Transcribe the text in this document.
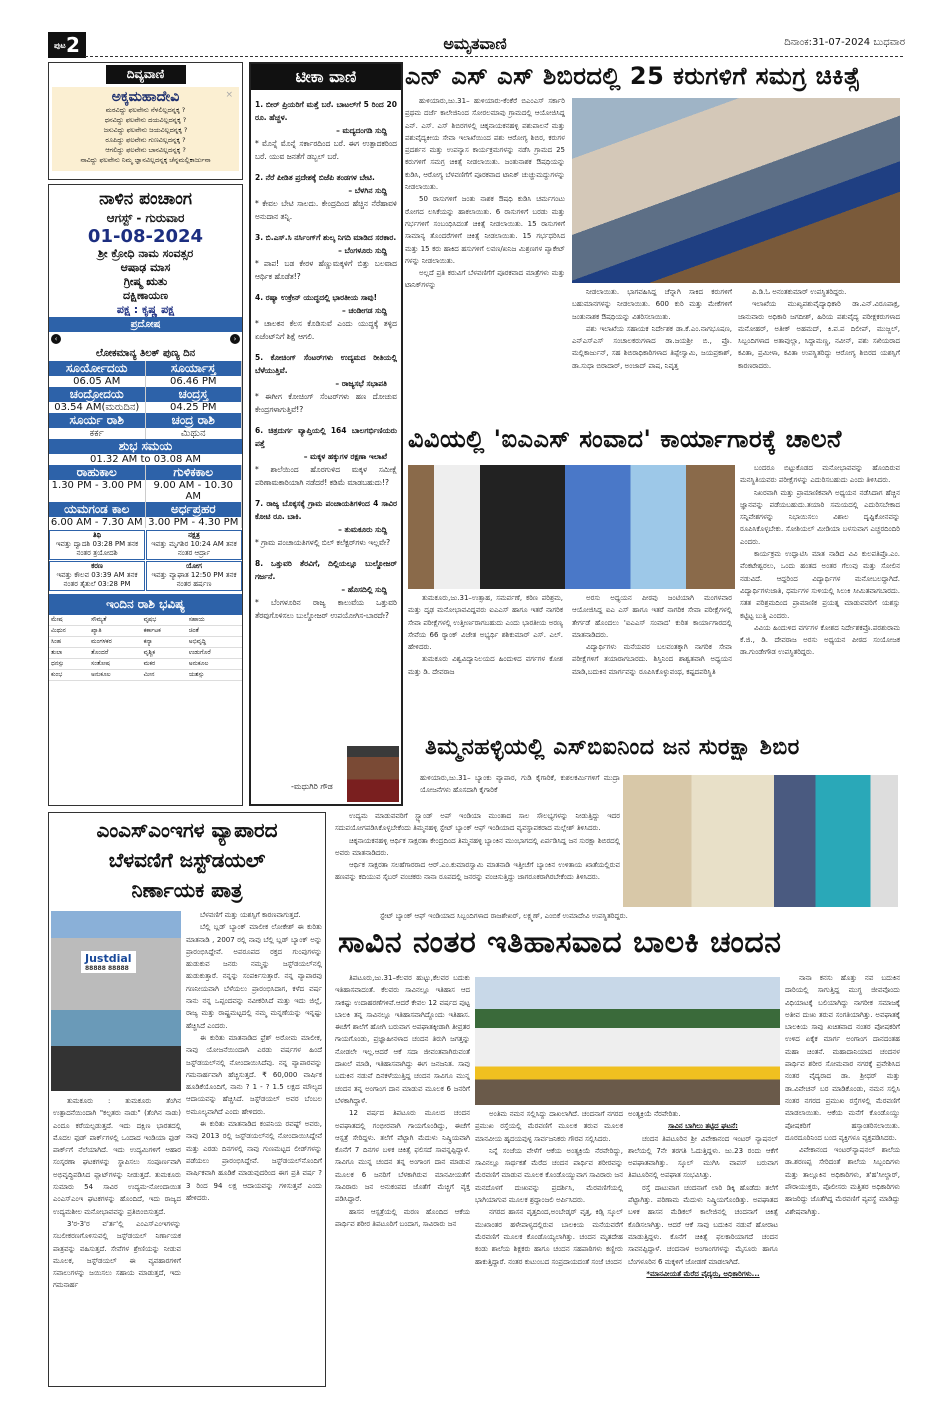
ಪುಟ 2	ಅಮೃತವಾಣಿ	ದಿನಾಂಕ:31-07-2024 ಬುಧವಾರ
ದಿವ್ಯವಾಣಿ
ಅಕ್ಕಮಹಾದೇವಿ	×
ಮರವಿದ್ದು ಫಲವೇನು ನೆಳಲಿಲ್ಲದನ್ನಕ್ಕ ?
ಧನವಿದ್ದು ಫಲವೇನು ದಯವಿಲ್ಲದನ್ನಕ್ಕ ?
ಜಸುವಿದ್ದು ಫಲವೇನು ಜಯವಿಲ್ಲದನ್ನಕ್ಕ ?
ರೂಪಿದ್ದು ಫಲವೇನು ಗುಣವಿಲ್ಲದನ್ನಕ್ಕ ?
ಆಗಲಿದ್ದು ಫಲವೇನು ಬಾನವಿಲ್ಲದನ್ನಕ್ಕ ?
ನಾವಿದ್ದು ಫಲವೇನು ನಿಮ್ಮ ಜ್ಞಾನವಿಲ್ಲದನ್ನಕ್ಕ ಚೆನ್ನಮಲ್ಲಿಕಾರ್ಜುನಾ
ನಾಳಿನ ಪಂಚಾಂಗ
ಆಗಸ್ಟ್ - ಗುರುವಾರ
01-08-2024
ಶ್ರೀ ಕ್ರೋಧಿ ನಾಮ ಸಂವತ್ಸರ
ಆಷಾಢ ಮಾಸ
ಗ್ರೀಷ್ಮ ಋತು
ದಕ್ಷಿಣಾಯಣ
ಪಕ್ಷ : ಕೃಷ್ಣ ಪಕ್ಷ
ಪ್ರದೋಷ
‹	›
ಲೋಕಮಾನ್ಯ ತಿಲಕ್ ಪುಣ್ಯ ದಿನ
ಸೂರ್ಯೋದಯ	ಸೂರ್ಯಾಸ್ತ
06.05 AM	06.46 PM
ಚಂದ್ರೋದಯ	ಚಂದ್ರಸ್ತ
03.54 AM(ಮರುದಿನ)	04.25 PM
ಸೂರ್ಯ ರಾಶಿ	ಚಂದ್ರ ರಾಶಿ
ಕರ್ಕ	ಮಿಥುನ
ಶುಭ ಸಮಯ
01.32 AM to 03.08 AM
ರಾಹುಕಾಲ	ಗುಳಿಕಕಾಲ
1.30 PM - 3.00 PM	9.00 AM - 10.30 AM
ಯಮಗಂಡ ಕಾಲ	ಅರ್ಧಪ್ರಹರ
6.00 AM - 7.30 AM 3.00 PM - 4.30 PM
ತಿಥಿ
ಇವತ್ತು ದ್ವಾದಶಿ 03:28 PM ತನಕ ನಂತರ ತ್ರಯೋದಶಿ
ನಕ್ಷತ್ರ
ಇವತ್ತು ಮೃಗಶಿರ 10:24 AM ತನಕ ನಂತರ ಆರ್ದ್ರಾ
ಕರಣ
ಇವತ್ತು ಕೌಲವ 03:39 AM ತನಕ ನಂತರ ತೈತುಲೆ 03:28 PM
ಯೋಗ
ಇವತ್ತು ವ್ಯಾಘಾತ 12:50 PM ತನಕ ನಂತರ ಹರ್ಷಣ
ಇಂದಿನ ರಾಶಿ ಭವಿಷ್ಯ
ಮೇಷ	ಸೌಮ್ಯತೆ	ವೃಷಭ	ಸಹಾಯ
ಮಿಥುನ	ಖ್ಯಾತಿ	ಕರ್ಕಾಟಕ	ಚಿಂತೆ
ಸಿಂಹ	ಮಂಗಳಕರ	ಕನ್ಯಾ	ಅಭಿವೃದ್ಧಿ
ತುಲಾ	ತೊಂದರೆ	ವೃಶ್ಚಿಕ	ಉಡುಗೊರೆ
ಧನಸ್ಸು	ಸಂತೋಷ	ಮಕರ	ಅನುಕೂಲ
ಕುಂಭ	ಅನುಕೂಲ	ಮೀನ	ಯಶಸ್ಸು
ಟೀಕಾ ವಾಣಿ
1. ಬೀರ್ ಪ್ರಿಯರಿಗೆ ಮತ್ತೆ ಬರೆ. ಬಾಟಲ್‌ಗೆ 5 ರಿಂದ 20 ರೂ. ಹೆಚ್ಚಳ.
– ಮದ್ಯದಂಗಡಿ ಸುದ್ದಿ
* ಮೊನ್ನೆ ಮೊನ್ನೆ ಸರ್ಕಾರದಿಂದ ಬರೆ. ಈಗ ಉತ್ಪಾದಕರಿಂದ ಬರೆ. ಯುವ ಜನತೆಗೆ ಡಬ್ಬಲ್ ಬರೆ.
2. ನೆರೆ ಪೀಡಿತ ಪ್ರದೇಶಕ್ಕೆ ಬಿಜೆಪಿ ತಂಡಗಳ ಬೇಟಿ.
– ಬೆಳಗಿನ ಸುದ್ದಿ
* ಕೇವಲ ಬೇಟಿ ಸಾಲದು. ಕೇಂದ್ರದಿಂದ ಹೆಚ್ಚಿನ ನೆರೆಹಾವಳಿ ಅನುದಾನ ತನ್ನಿ.
3. ಬಿ.ಎಸ್.ಸಿ ನರ್ಸಿಂಗ್‌ಗೆ ಶುಲ್ಕ ನಿಗದಿ ಮಾಡಿದ ಸರಕಾರ.
– ಬೆಂಗಳೂರು ಸುದ್ದಿ
* ಪಾಪ! ಬಡ ಕೇರಳ ಹೆಣ್ಣುಮಕ್ಕಳಿಗೆ ಬಿತ್ತು ಬಲವಾದ ಆರ್ಥಿಕ ಹೊಡೆತ!?
4. ರಷ್ಯಾ ಉಕ್ರೇನ್ ಯುದ್ಧದಲ್ಲಿ ಭಾರತೀಯ ಸಾವು!
– ಚಂಡೀಗಡ ಸುದ್ದಿ
* ಚಾಲಕನ ಕೆಲಸ ಕೊಡಿಸುವೆ ಎಂದು ಯುದ್ಧಕ್ಕೆ ತಳ್ಳಿದ ಏಜೆಂಟ್‌ನಿಗೆ ಶಿಕ್ಷೆ ಆಗಲಿ.
5. ಕೋಚಿಂಗ್ ಸೆಂಟರ್‌ಗಳು ಉದ್ಯಮದ ರೀತಿಯಲ್ಲಿ ಬೆಳೆಯುತ್ತಿವೆ.
– ರಾಜ್ಯಸಭೆ ಸಭಾಪತಿ
* ಈಗೀಗ ಕೋಚಿಂಗ್ ಸೆಂಟರ್‌ಗಳು ಹಣ ದೋಚುವ ಕೇಂದ್ರಗಳಾಗುತ್ತಿವೆ!?
6. ಚಿತ್ರದುರ್ಗ ವ್ಯಾಪ್ತಿಯಲ್ಲಿ 164 ಬಾಲಗರ್ಭಿಣಿಯರು ಪತ್ತೆ
– ಮಕ್ಕಳ ಹಕ್ಕುಗಳ ರಕ್ಷಣಾ ಇಲಾಖೆ
* ಶಾಲೆಯಿಂದ ಹೊರಗುಳಿದ ಮಕ್ಕಳ ಸಮೀಕ್ಷೆ ಪರಿಣಾಮಕಾರಿಯಾಗಿ ನಡೆದರೆ! ಕಡಿಮೆ ಮಾಡಬಹುದು!?
7. ರಾಜ್ಯ ಬೊಕ್ಕಸಕ್ಕೆ ಗ್ರಾಮ ಪಂಚಾಯತಿಗಳಿಂದ 4 ಸಾವಿರ ಕೋಟಿ ರೂ. ಬಾಕಿ.
– ತುಮಕೂರು ಸುದ್ದಿ
* ಗ್ರಾಮ ಪಂಚಾಯತಿಗಳಲ್ಲಿ ಬಿಲ್ ಕಲೆಕ್ಟರ್‌ಗಳು ಇಲ್ಲವೇ?
8. ಒತ್ತುವರಿ ತೆರವಿಗೆ, ದಿಲ್ಲಿಯಲ್ಲೂ ಬುಲ್ಡೋಜರ್ ಗರ್ಜನೆ.
– ಹೊಸದಿಲ್ಲಿ ಸುದ್ದಿ
* ಬೆಂಗಳೂರಿನ ರಾಜ್ಯ ಕಾಲುವೆಯ ಒತ್ತುವರಿ ತೆರವುಗೊಳಿಸಲು ಬುಲ್ಡೋಜರ್ ಉಪಯೋಗಿಸ-ಬಾರದೇ?
-ಮಧುಗಿರಿ ಗೌಡ
ಎನ್ ಎಸ್ ಎಸ್ ಶಿಬಿರದಲ್ಲಿ 25 ಕರುಗಳಿಗೆ ಸಮಗ್ರ ಚಿಕಿತ್ಸೆ

ಹುಳಿಯಾರು,ಜು.31– ಹುಳಿಯಾರು-ಕೆಂಕೆರೆ ಬಿಎಂಎಸ್ ಸರ್ಕಾರಿ ಪ್ರಥಮ ದರ್ಜೆ ಕಾಲೇಜಿನಿಂದ ಸೋರಲಮಾವು ಗ್ರಾಮದಲ್ಲಿ ಆಯೋಜಿಸಿದ್ದ ಎನ್. ಎಸ್. ಎಸ್ ಶಿಬಿರಗಳಲ್ಲಿ ಚಿಕ್ಕನಾಯಕನಹಳ್ಳಿ ಪಶುಪಾಲನೆ ಮತ್ತು ಪಶುವೈದ್ಯಕೀಯ ಸೇವಾ ಇಲಾಖೆಯಿಂದ ಪಶು ಆರೋಗ್ಯ ಶಿಬಿರ, ಕರುಗಳ ಪ್ರದರ್ಶನ ಮತ್ತು ಉಪನ್ಯಾಸ ಕಾರ್ಯಕ್ರಮಗಳನ್ನು ನಡೆಸಿ ಗ್ರಾಮದ 25 ಕರುಗಳಿಗೆ ಸಮಗ್ರ ಚಿಕಿತ್ಸೆ ನೀಡಲಾಯಿತು. ಜಂತುನಾಶಕ ಔಷಧಿಯನ್ನು ಕುಡಿಸಿ, ಆರೋಗ್ಯ ಬೆಳವಣಿಗೆಗೆ ಪೂರಕವಾದ ಟಾನಿಕ್ ಚುಚ್ಚುಮದ್ದುಗಳನ್ನು ನೀಡಲಾಯಿತು.

50 ರಾಸುಗಳಿಗೆ ಜಂತು ನಾಶಕ ಔಷಧಿ ಕುಡಿಸಿ ಚರ್ಮಗಂಟು ರೋಗದ ಲಸಿಕೆಯನ್ನು ಹಾಕಲಾಯಿತು. 6 ರಾಸುಗಳಿಗೆ ಬರಡು ಮತ್ತು ಗರ್ಭಗಳಿಗೆ ಸಂಬಂಧಿಸಿದಂತೆ ಚಿಕಿತ್ಸೆ ನೀಡಲಾಯಿತು. 15 ರಾಸುಗಳಿಗೆ ಸಾಮಾನ್ಯ ತೊಂದರೆಗಳಿಗೆ ಚಿಕಿತ್ಸೆ ನೀಡಲಾಯಿತು. 15 ಗರ್ಭಧರಿಸಿದ ಮತ್ತು 15 ಕರು ಹಾಕಿದ ಹಸುಗಳಿಗೆ ಲವಣ/ಖನಿಜ ಮಿಶ್ರಣಗಳ ಪ್ಯಾಕೇಟ್ ಗಳನ್ನು ನೀಡಲಾಯಿತು.

ಅಲ್ಲದೆ ಪ್ರತಿ ಕರುವಿಗೆ ಬೆಳವಣಿಗೆಗೆ ಪೂರಕವಾದ ಮಾತ್ರೆಗಳು ಮತ್ತು ಟಾನಿಕ್‌ಗಳನ್ನು

ನೀಡಲಾಯಿತು. ಭಾಗವಹಿಸಿದ್ದ ಚೆನ್ನಾಗಿ ಸಾಕಿದ ಕರುಗಳಿಗೆ ಬಹುಮಾನಗಳನ್ನು ನೀಡಲಾಯಿತು. 600 ಕುರಿ ಮತ್ತು ಮೇಕೆಗಳಿಗೆ ಜಂತುನಾಶಕ ಔಷಧಿಯನ್ನು ವಿತರಿಸಲಾಯಿತು.

ಪಶು ಇಲಾಖೆಯ ಸಹಾಯಕ ನಿರ್ದೇಶಕ ಡಾ.ಕೆ.ಎಂ.ನಾಗಭೂಷಣ, ಎನ್‌ಎಸ್‌ಎಸ್ ಸಂಚಾಲಕರುಗಳಾದ ಡಾ.ಜಯಶ್ರೀ ಬಿ., ಪ್ರೊ. ಮಲ್ಲಿಕಾರ್ಜುನ್, ಸಹ ಶಿಬಿರಾಧಿಕಾರಿಗಳಾದ ತಿಪ್ಪೇಸ್ವಾಮಿ, ಜಯಪ್ರಕಾಶ್, ಡಾ.ಸುಧಾ ಬಿರಾದಾರ್, ಅಂಜಾದ್ ಪಾಷ, ನಿವೃತ್ತ

ಪಿ.ಡಿ.ಓ ಅನಂತಕುಮಾರ್ ಉಪಸ್ಥಿತರಿದ್ದರು.

ಇಲಾಖೆಯ ಮುಖ್ಯಪಶುವೈದ್ಯಾಧಿಕಾರಿ ಡಾ.ಎನ್.ವಿರೂಪಾಕ್ಷ, ಜಾನುವಾರು ಅಧಿಕಾರಿ ಜಗದೀಶ್, ಹಿರಿಯ ಪಶುವೈದ್ಯ ಪರೀಕ್ಷಕರುಗಳಾದ ಮನೋಹರ್, ಅತೀಕ್ ಅಹಮದ್, ಕಿ.ಪ.ಪ ದಿಲೀಪ್, ಮುಜ್ಜಲ್, ಸಿಬ್ಬಂದಿಗಳಾದ ಅತಾವುಲ್ಲಾ, ಸಿದ್ದಾಮಣ್ಣ, ನವೀನ್, ಪಶು ಸಖಿಯರಾದ ಕವಿತಾ, ಪ್ರಮೀಳಾ, ಕವಿತಾ ಉಪಸ್ಥಿತರಿದ್ದು ಆರೋಗ್ಯ ಶಿಬಿರದ ಯಶಸ್ಸಿಗೆ ಕಾರಣರಾದರು.

ವಿವಿಯಲ್ಲಿ 'ಐಎಎಸ್ ಸಂವಾದ' ಕಾರ್ಯಾಗಾರಕ್ಕೆ ಚಾಲನೆ

ತುಮಕೂರು,ಜು.31–ಉತ್ಸಾಹ, ಸಮರ್ಪಣೆ, ಕಠಿಣ ಪರಿಶ್ರಮ, ಮತ್ತು ದೃಢ ಮನೋಭಾವವಿದ್ದವರು ಐಎಎಸ್ ಹಾಗೂ ಇತರೆ ನಾಗರಿಕ ಸೇವಾ ಪರೀಕ್ಷೆಗಳಲ್ಲಿ ಉತ್ತೀರ್ಣರಾಗಬಹುದು ಎಂದು ಭಾರತೀಯ ಅರಣ್ಯ ಸೇವೆಯ 66 ರ‍್ಯಾಂಕ್ ವಿಜೇತ ಅಭ್ಯರ್ಥಿ ಶಶಿಕುಮಾರ್ ಎಸ್. ಎಲ್. ಹೇಳಿದರು.

ತುಮಕೂರು ವಿಶ್ವವಿದ್ಯಾನಿಲಯದ ಹಿಂದುಳಿದ ವರ್ಗಗಳ ಕೋಶ ಮತ್ತು ಡಿ. ದೇವರಾಜ

ಅರಸು ಅಧ್ಯಯನ ಪೀಠವು ಜಂಟಿಯಾಗಿ ಮಂಗಳವಾರ ಆಯೋಜಿಸಿದ್ದ ಐಎ ಎಸ್ ಹಾಗೂ ಇತರೆ ನಾಗರಿಕ ಸೇವಾ ಪರೀಕ್ಷೆಗಳಲ್ಲಿ ತೇರ್ಗಡೆ ಹೊಂದಲು 'ಐಎಎಸ್ ಸಂವಾದ' ಕುರಿತ ಕಾರ್ಯಾಗಾರದಲ್ಲಿ ಮಾತನಾಡಿದರು.

ವಿದ್ಯಾರ್ಥಿಗಳು ಮನೆಯವರ ಬಲವಂತಕ್ಕಾಗಿ ನಾಗರಿಕ ಸೇವಾ ಪರೀಕ್ಷೆಗಳಿಗೆ ತಯಾರಾಗಬಾರದು. ಶಿಸ್ತಿನಿಂದ ಶಾಶ್ವತವಾಗಿ ಅಧ್ಯಯನ ಮಾಡಿ,ಬದುಕಿನ ಮಾರ್ಗವನ್ನು ರೂಪಿಸಿಕೊಳ್ಳುವಂಥ, ಕಷ್ಟದಪರಿಸ್ಥಿತಿ

ಬಂದರೂ ಬಿಟ್ಟುಕೊಡದ ಮನೋಭಾವವನ್ನು ಹೊಂದಿರುವ ಮನಸ್ಥಿತಿಯವರು ಪರೀಕ್ಷೆಗಳನ್ನು ಎದುರಿಸಬಹುದು ಎಂದು ತಿಳಿಸಿದರು.

ನಿಖರವಾಗಿ ಮತ್ತು ಪ್ರಾಮಾಣಿಕವಾಗಿ ಅಧ್ಯಯನ ನಡೆಸಿದಾಗ ಹೆಚ್ಚಿನ ಜ್ಞಾನವನ್ನು ಪಡೆಯಬಹುದು.ತಯಾರಿ ಸಮಯದಲ್ಲಿ ಎದುರಿಸಬೇಕಾದ ಸನ್ನಿವೇಶಗಳನ್ನು ನಿಭಾಯಿಸಲು ವಿಶಾಲ ದೃಷ್ಟಿಕೋನವನ್ನು ರೂಪಿಸಿಕೊಳ್ಳಬೇಕು. ಸೋಶಿಯಲ್ ಮೀಡಿಯಾ ಬಳಸುವಾಗ ಎಚ್ಚರದಿಂದಿರಿ ಎಂದರು.

ಕಾರ್ಯಕ್ರಮ ಉದ್ಘಾಟಿಸಿ ಮಾತ ನಾಡಿದ ವಿವಿ ಕುಲಪತಿಪ್ರೊ.ಎಂ. ವೆಂಕಟೇಶ್ವರಲು, ಒಂದು ಹಂತದ ಅಂತರ ಗೆಲುವು ಮತ್ತು ಸೋಲಿನ ನಡುವಿದೆ. ಆದ್ದರಿಂದ ವಿದ್ಯಾರ್ಥಿಗಳ ಮನೋಬಲದ್ದಾಗಿದೆ. ವಿದ್ಯಾರ್ಥಿಗಳುಜಾತಿ, ಧರ್ಮಗಳ ಸುಳಿಯಲ್ಲಿ ಸಿಲುಕಿ ಸೀಮಿತವಾಗಬಾರದು. ಸತತ ಪರಿಶ್ರಮದಿಂದ ಪ್ರಾಮಾಣಿಕ ಪ್ರಯತ್ನ ಮಾಡುವವರಿಗೆ ಯಶಸ್ಸು ಕಟ್ಟಿಟ್ಟ ಬುತ್ತಿ ಎಂದರು.

ವಿವಿಯ ಹಿಂದುಳಿದ ವರ್ಗಗಳ ಕೋಶದ ನಿರ್ದೇಶಕಪ್ರೊ.ಪರಶುರಾಮ ಕೆ.ಜಿ., ಡಿ. ದೇವರಾಜ ಅರಸು ಅಧ್ಯಯನ ಪೀಠದ ಸಂಯೋಜಕ ಡಾ.ಗುಂಡೇಗೌಡ ಉಪಸ್ಥಿತರಿದ್ದರು.

ತಿಮ್ಮನಹಳ್ಳಿಯಲ್ಲಿ ಎಸ್‌ಬಿಐನಿಂದ ಜನ ಸುರಕ್ಷಾ ಶಿಬಿರ
ಹುಳಿಯಾರು,ಜು.31– ಬ್ಯಾಂಕು ವ್ಯಾಪಾರ, ಗುಡಿ ಕೈಗಾರಿಕೆ, ಕುಶಲಕರ್ಮಿಗಳಿಗೆ ಮುದ್ರಾ ಯೋಜನೆಗಳು ಹೊಸದಾಗಿ ಕೈಗಾರಿಕೆ

ಉದ್ಯಮ ಮಾಡುವವರಿಗೆ ಸ್ಟ್ಯಾಂಡ್ ಅಪ್ ಇಂಡಿಯಾ ಮುಂತಾದ ಸಾಲ ಸೌಲಭ್ಯಗಳನ್ನು ನೀಡುತ್ತಿದ್ದು ಇದರ ಸದುಪಯೋಗಪಡಿಸಿಕೊಳ್ಳಬೇಕೆಂದು ತಿಮ್ಮನಹಳ್ಳಿ ಸ್ಟೇಟ್ ಬ್ಯಾಂಕ್ ಆಫ್ ಇಂಡಿಯಾದ ವ್ಯವಸ್ಥಾಪಕರಾದ ಮಲ್ಲೇಶ್ ತಿಳಿಸಿದರು.

ಚಿಕ್ಕನಾಯಕನಹಳ್ಳಿ ಆರ್ಥಿಕ ಸಾಕ್ಷರತಾ ಕೇಂದ್ರದಿಂದ ತಿಮ್ಮನಹಳ್ಳಿ ಬ್ಯಾಂಕಿನ ಮುಂಭಾಗದಲ್ಲಿ ಏರ್ಪಡಿಸಿದ್ದ ಜನ ಸುರಕ್ಷಾ ಶಿಬಿರದಲ್ಲಿ ಅವರು ಮಾತನಾಡಿದರು.

ಆರ್ಥಿಕ ಸಾಕ್ಷರತಾ ಸಲಹೆಗಾರರಾದ ಆರ್.ಎಂ.ಕುಮಾರಸ್ವಾಮಿ ಮಾತನಾಡಿ ಇತ್ತೀಚೆಗೆ ಬ್ಯಾಂಕಿನ ಉಳಿತಾಯ ಖಾತೆಯಲ್ಲಿರುವ ಹಣವನ್ನು ಕದಿಯುವ ಸೈಬರ್ ವಂಚಕರು ನಾನಾ ರೂಪದಲ್ಲಿ ಜನರನ್ನು ವಂಚಿಸುತ್ತಿದ್ದು ಜಾಗರೂಕರಾಗಿರಬೇಕೆಂದು ತಿಳಿಸಿದರು.

ಸ್ಟೇಟ್ ಬ್ಯಾಂಕ್ ಆಫ್ ಇಂಡಿಯಾದ ಸಿಬ್ಬಂದಿಗಳಾದ ರಾಜಶೇಖರ್, ಲಕ್ಷ್ಮಣ್, ಎಂಬಿಕೆ ಉಮಾದೇವಿ ಉಪಸ್ಥಿತರಿದ್ದರು.
ಸಾವಿನ ನಂತರ ಇತಿಹಾಸವಾದ ಬಾಲಕಿ ಚಂದನ

ತಿಪಟೂರು,ಜು.31–ಕೆಲವರ ಹುಟ್ಟು,ಕೆಲವರ ಬದುಕು ಇತಿಹಾಸವಾದಂತೆ. ಕೆಲವರು ಸಾವಿನಲ್ಲೂ ಇತಿಹಾಸ ಆದ ಸಾಕಷ್ಟು ಉದಾಹರಣೆಗಳಿವೆ.ಆದರೆ ಕೇವಲ 12 ವರ್ಷದ ಪುಟ್ಟ ಬಾಲಕಿ ತನ್ನ ಸಾವಿನಲ್ಲೂ ಇತಿಹಾಸವಾಗಿದ್ದೊಂದು ಇತಿಹಾಸ. ಈಚೆಗೆ ಶಾಲೆಗೆ ಹೋಗಿ ಬರುವಾಗ ಅಪಘಾತಕ್ಕೀಡಾಗಿ ತೀವ್ರತರ ಗಾಯಗೊಂಡು, ಪ್ರಜ್ಞಾಹೀನಳಾದ ಚಂದನ ತಿರುಗಿ ಜಗತ್ತನ್ನು ನೋಡಲೇ ಇಲ್ಲ.ಆದರೆ ಆಕೆ ಸದಾ ಜೀವಂತವಾಗಿರುವಂತೆ ದಾಖಲೆ ಮಾಡಿ, ಇತಿಹಾಸವಾಗಿದ್ದು ಈಗ ಜನಜನಿತ. ಸಾವು ಬದುಕಿನ ನಡುವೆ ದಿನಕಳೆಯುತ್ತಿದ್ದ ಚಂದನ ಸಾವಿಗೂ ಮುನ್ನ ಚಂದನ ತನ್ನ ಅಂಗಾಂಗ ದಾನ ಮಾಡುವ ಮೂಲಕ 6 ಜನರಿಗೆ ಬೆಳಕಾಗಿದ್ದಾಳೆ.

12 ವರ್ಷದ ತಿಪಟೂರು ಮೂಲದ ಚಂದನ ಅಪಘಾತದಲ್ಲಿ ಗಂಭೀರವಾಗಿ ಗಾಯಗೊಂಡಿದ್ದು, ಈಚೆಗೆ ಆಸ್ಪತ್ರೆ ಸೇರಿದ್ದಳು. ತಲೆಗೆ ಪೆಟ್ಟಾಗಿ ಮೆದುಳು ನಿಷ್ಕ್ರಿಯವಾಗಿ ಕೊನೆಗೆ 7 ದಿನಗಳ ಬಳಿಕ ಚಿಕಿತ್ಸೆ ಫಲಿಸದೆ ಸಾವನ್ನಪ್ಪಿದ್ದಾಳೆ. ಸಾವಿಗೂ ಮುನ್ನ ಚಂದನ ತನ್ನ ಅಂಗಾಂಗ ದಾನ ಮಾಡುವ ಮೂಲಕ 6 ಜನರಿಗೆ ಬೆಳಕಾಗಿರುವ ಮಾನವೀಯತೆಗೆ ಸಾವಿರಾರು ಜನ ಅನುಕಂಪದ ಜೊತೆಗೆ ಮೆಚ್ಚಿಗೆ ವ್ಯಕ್ತ ಪಡಿಸಿದ್ದಾರೆ.

ಹಾಸನ ಆಸ್ಪತ್ರೆಯಲ್ಲಿ ಮರಣ ಹೊಂದಿದ ಆಕೆಯ ಪಾರ್ಥಿವ ಶರೀರ ತಿಪಟೂರಿಗೆ ಬಂದಾಗ, ಸಾವಿರಾರು ಜನ

ಅಂತಿಮ ನಮನ ಸಲ್ಲಿಸಿದ್ದು ದಾಖಲಾಗಿದೆ. ಚಂದನಾಗೆ ನಗರದ ಪ್ರಮುಖ ರಸ್ತೆಯಲ್ಲಿ ಮೆರವಣಿಗೆ ಮೂಲಕ ತರುವ ಮೂಲಕ ಮಾನವೀಯ ಹೃದಯವುಳ್ಳ ಸಾರ್ವಜನಿಕರು ಗೌರವ ಸಲ್ಲಿಸಿದರು.

ನಿನ್ನೆ ಸಂಜೆಯ ವೇಳೆಗೆ ಆಕೆಯ ಅಂತ್ಯಕ್ರಿಯೆ ನೆರವೇರಿದ್ದು, ಸಾವಿನಲ್ಲೂ ಸಾರ್ಥಕತೆ ಮೆರೆದ ಚಂದನ ಪಾರ್ಥಿವ ಶರೀರವನ್ನು ಮೆರವಣಿಗೆ ಮಾಡುವ ಮೂಲಕ ಕೊಂಡೊಯ್ಯುವಾಗ ಸಾವಿರಾರು ಜನ ಮನದೊಳಗೆ ದುಃಖವನ್ನು ಪ್ರದರ್ಶಿಸಿ, ಮೆರವಣಿಗೆಯಲ್ಲಿ ಭಾಗಿಯಾಗುವ ಮೂಲಕ ಶ್ರದ್ಧಾಂಜಲಿ ಅರ್ಪಿಸಿದರು.

ನಗರದ ಹಾಸನ ವೃತ್ತದಿಂದ,ಅಂಬೇಡ್ಕರ್ ವೃತ್ತ, ಕಿಡ್ಸಿ ಸ್ಕೂಲ್ ಮುಖಾಂತರ ಹಳೇಪಾಳ್ಯದಲ್ಲಿರುವ ಬಾಲಕಿಯ ಮನೆಯವರೆಗೆ ಮೆರವಣಿಗೆ ಮೂಲಕ ಕೊಂಡೊಯ್ಯಲಾಗಿತ್ತು. ಚಂದನ ಮೃತದೇಹ ಕಂಡು ಶಾಲೆಯ ಶಿಕ್ಷಕರು ಹಾಗೂ ಚಂದನ ಸಹಪಾಠಿಗಳು ಕಣ್ಣೀರು ಹಾಕುತ್ತಿದ್ದಾರೆ. ನಂತರ ಕುಟುಂಬದ ಸಂಪ್ರದಾಯದಂತೆ ಸಂಜೆ ಚಂದನ

ಅಂತ್ಯಕ್ರಿಯೆ ನೆರವೇರಿತು.
ಸಾವಿನ ಬಾಗಿಲು ತಟ್ಟಿದ ಘಟನೆ:

ಚಂದನ ತಿಪಟೂರಿನ ಶ್ರೀ ವಿವೇಕಾನಂದ ಇಂಟರ್ ನ್ಯಾಷನಲ್ ಶಾಲೆಯಲ್ಲಿ 7ನೇ ತರಗತಿ ಓದುತ್ತಿದ್ದಳು. ಜು.23 ರಂದು ಆಕೆಗೆ ಅಪಘಾತವಾಗಿತ್ತು. ಸ್ಕೂಲ್ ಮುಗಿಸಿ ವಾಪಸ್ ಬರುವಾಗ ತಿಪಟೂರಿನಲ್ಲಿ ಅಪಘಾತ ಸಂಭವಿಸಿತ್ತು.

ರಸ್ತೆ ದಾಟುವಾಗ ಚಂದನಾಗೆ ಲಾರಿ ಡಿಕ್ಕಿ ಹೊಡೆದು ತಲೆಗೆ ಪೆಟ್ಟಾಗಿತ್ತು. ಪರಿಣಾಮ ಮೆದುಳು ನಿಷ್ಕ್ರಿಯಗೊಂಡಿತ್ತು. ಅಪಘಾತದ ಬಳಿಕ ಹಾಸನ ಮೆಡಿಕಲ್ ಕಾಲೇಜಿನಲ್ಲಿ ಚಂದನಾಗೆ ಚಿಕಿತ್ಸೆ ಕೊಡಿಸಲಾಗಿತ್ತು. ಆದರೆ ಆಕೆ ಸಾವು ಬದುಕಿನ ನಡುವೆ ಹೋರಾಟ ಮಾಡುತ್ತಿದ್ದಳು. ಕೊನೆಗೆ ಚಿಕಿತ್ಸೆ ಫಲಕಾರಿಯಾಗದೆ ಚಂದನ ಸಾವನಪ್ಪಿದ್ದಾಳೆ. ಚಂದನಾಳ ಅಂಗಾಂಗಗಳನ್ನು ಮೈಸೂರು ಹಾಗೂ ಬೆಂಗಳೂರಿನ 6 ಮಕ್ಕಳಿಗೆ ಜೋಡಣೆ ಮಾಡಲಾಗಿದೆ.

*ಮಾನವೀಯತೆ ಮೆರೆದ ವೈದ್ಯರು, ಅಧಿಕಾರಿಗಳು...

ನಾನಾ ಕನಸು ಹೊತ್ತು ನವ ಬದುಕಿನ ದಾರಿಯಲ್ಲಿ ಸಾಗುತ್ತಿದ್ದ ಮುಗ್ಧ ಜೀವವೊಂದು ವಿಧಿಯಾಟಕ್ಕೆ ಬಲಿಯಾಗಿದ್ದು ನಾಗರೀಕ ಸಮಾಜಕ್ಕೆ ಅತೀವ ದುಃಖ ತರುವ ಸಂಗತಿಯಾಗಿತ್ತು. ಅವಘಾತಕ್ಕೆ ಬಾಲಕಿಯ ಸಾವು ಖಚಿತವಾದ ನಂತರ ಪೋಷಕರಿಗೆ ಉಳಿದ ಏಕೈಕ ಮಾರ್ಗ ಅಂಗಾಂಗ ದಾನದಂತಹ ಮಹಾ ಚಿಂತನೆ. ಮಹಾದಾನಿಯಾದ ಚಂದನಳ ಪಾರ್ಥಿವ ಶರೀರ ಸೋಮವಾರ ನಗರಕ್ಕೆ ಪ್ರವೇಶಿಸಿದ ನಂತರ ವೈದ್ಯರಾದ ಡಾ. ಶ್ರೀಧರ್ ಮತ್ತು ಡಾ.ವಿವೇಚನ್ ಬರ ಮಾಡಿಕೊಂಡು, ನಮನ ಸಲ್ಲಿಸಿ ನಂತರ ನಗರದ ಪ್ರಮುಖ ರಸ್ತೆಗಳಲ್ಲಿ ಮೆರವಣಿಗೆ ಮಾಡಲಾಯಿತು. ಆಕೆಯ ಮನೆಗೆ ಕೊಂಡೊಯ್ದು ಪೋಷಕರಿಗೆ ಹಸ್ತಾಂತರಿಸಲಾಯಿತು. ದೂರದೂರಿನಿಂದ ಬಂದ ವ್ಯಕ್ತಿಗಳೂ ವ್ಯಕ್ತಪಡಿಸಿದರು.

ವಿವೇಕಾನಂದ ಇಂಟರ್‌ನ್ಯಾಷನಲ್ ಶಾಲೆಯ ಡಾ.ಶರಣಪ್ಪ ಸೇರಿದಂತೆ ಶಾಲೆಯ ಸಿಬ್ಬಂದಿಗಳು ಮತ್ತು ತಾಲ್ಲೂಕಿನ ಅಧಿಕಾರಿಗಳು, ತ'ಹ'ಸೀಲ್ದಾರ್, ಪೌರಾಯುಕ್ತರು, ಪೊಲೀಸರು ಮತ್ತಿತರ ಅಧಿಕಾರಿಗಳು ಹಾಜರಿದ್ದು ಜೊತೆಗಿದ್ದ ಮೆರವಣಿಗೆ ವ್ಯವಸ್ಥೆ ಮಾಡಿದ್ದು ವಿಶೇಷವಾಗಿತ್ತು.

ಎಂಎಸ್‌ಎಂಇಗಳ ವ್ಯಾಪಾರದ ಬೆಳವಣಿಗೆ ಜಸ್ಟ್‌ಡಯಲ್ ನಿರ್ಣಾಯಕ ಪಾತ್ರ
Justdial
88888 88888

ಬೆಳವಣಿಗೆ ಮತ್ತು ಯಶಸ್ಸಿಗೆ ಕಾರಣವಾಗುತ್ತದೆ.

ಬೆಲ್ಲಿ ಬ್ಲಡ್ ಬ್ಯಾಂಕ್ ಮಾಲೀಕ ಲೋಕೇಶ್ ಈ ಕುರಿತು ಮಾತನಾಡಿ , 2007 ರಲ್ಲಿ ನಾವು ಬೆಲ್ಲಿ ಬ್ಲಡ್ ಬ್ಯಾಂಕ್ ಅನ್ನು ಪ್ರಾರಂಭಿಸಿದ್ದೇವೆ. ಅಪರೂಪದ ರಕ್ತದ ಗುಂಪುಗಳನ್ನು ಹುಡುಕುವ ಜನರು ನಮ್ಮನ್ನು ಜಸ್ಟ್‌ಡಯಲ್‌ನಲ್ಲಿ ಹುಡುಕುತ್ತಾರೆ. ನನ್ನನ್ನು ಸಂಪರ್ಕಿಸುತ್ತಾರೆ. ನನ್ನ ವ್ಯಾಪಾರವು ಗಣನೀಯವಾಗಿ ಬೆಳೆಯಲು ಪ್ರಾರಂಭಿಸಿದಾಗ, ಕಳೆದ ವರ್ಷ ನಾನು ನನ್ನ ಒಪ್ಪಂದವನ್ನು ನವೀಕರಿಸಿದೆ ಮತ್ತು ಇದು ಜಿಲ್ಲೆ, ರಾಜ್ಯ ಮತ್ತು ರಾಷ್ಟ್ರಮಟ್ಟದಲ್ಲಿ ನಮ್ಮ ಮನ್ನಣೆಯನ್ನು ಇನ್ನಷ್ಟು ಹೆಚ್ಚಿಸಿದೆ ಎಂದರು.

ಈ ಕುರಿತು ಮಾತನಾಡಿದ ಫ್ರೆಶ್ ಅರೋಮ ಮಾಲೀಕ, ನಾವು ಯೋಜನೆಯಿಂದಾಗಿ ಎರಡು ವರ್ಷಗಳ ಹಿಂದೆ ಜಸ್ಟ್‌ಡಯಲ್‌ನಲ್ಲಿ ನೋಂದಾಯಿಸಿದೆವು. ನನ್ನ ವ್ಯಾಪಾರವನ್ನು ಗಮನಾರ್ಹವಾಗಿ ಹೆಚ್ಚಿಸುತ್ತದೆ. ₹ 60,000 ವಾರ್ಷಿಕ ಹೂಡಿಕೆಯೊಂದಿಗೆ, ನಾನು ? 1 - ? 1.5 ಲಕ್ಷದ ಮೌಲ್ಯದ ಆದಾಯವನ್ನು ಹೆಚ್ಚಿಸಿದೆ. ಜಸ್ಟ್‌ಡಯಲ್ ಅವರ ಬೆಂಬಲ ಅಮೂಲ್ಯವಾಗಿದೆ ಎಂದು ಹೇಳಿದರು.

ಈ ಕುರಿತು ಮಾತನಾಡಿದ ಕಂಪನಿಯ ರವಷ್ಟ್ ಅವರು, ನಾವು 2013 ರಲ್ಲಿ ಜಸ್ಟ್‌ಡಯಲ್‌ನಲ್ಲಿ ನೋಂದಾಯಿಸಿದ್ದೇವೆ ಮತ್ತು ಎರಡು ದಿನಗಳಲ್ಲಿ ನಾವು ಗುಣಮಟ್ಟದ ಲೀಡ್‌ಗಳನ್ನು ಪಡೆಯಲು ಪ್ರಾರಂಭಿಸಿದ್ದೇವೆ. ಜಸ್ಟ್‌ಡಯಲ್‌ನೊಂದಿಗೆ ವಾರ್ಷಿಕವಾಗಿ ಹೂಡಿಕೆ ಮಾಡುವುದರಿಂದ ಈಗ ಪ್ರತಿ ವರ್ಷ ?3 ರಿಂದ 94 ಲಕ್ಷ ಆದಾಯವನ್ನು ಗಳಿಸುತ್ತವೆ ಎಂದು ಹೇಳಿದರು.

ತುಮಕೂರು : ತುಮಕೂರು ತೆಂಗಿನ ಉತ್ಪಾದನೆಯಿಂದಾಗಿ "ಕಲ್ಪತರು ನಾಡು" (ತೆಂಗಿನ ನಾಡು) ಎಂದೂ ಕರೆಯಲ್ಪಡುತ್ತದೆ. ಇದು ದಕ್ಷಿಣ ಭಾರತದಲ್ಲಿ ಮೊದಲ ಫುಡ್ ಪಾರ್ಕ್‌ಗಳಲ್ಲಿ ಒಂದಾದ ಇಂಡಿಯಾ ಫುಡ್ ಪಾರ್ಕ್‌ಗೆ ನೆಲೆಯಾಗಿದೆ. ಇದು ಉದ್ಯಮಿಗಳಿಗೆ ಆಹಾರ ಸಂಸ್ಕರಣಾ ಘಟಕಗಳನ್ನು ಸ್ಥಾಪಿಸಲು ಸಂಪೂರ್ಣವಾಗಿ ಅಭಿವೃದ್ಧಿಪಡಿಸಿದ ಪ್ಲಾಟ್‌ಗಳನ್ನು ನೀಡುತ್ತದೆ. ತುಮಕೂರು ಸುಮಾರು 54 ಸಾವಿರ ಉದ್ಯಮ-ನೋಂದಾಯಿತ ಎಂಎಸ್‌ಎಂಇ ಘಟಕಗಳನ್ನು ಹೊಂದಿದೆ, ಇದು ರಾಜ್ಯದ ಉದ್ಯಮಶೀಲ ಮನೋಭಾವವನ್ನು ಪ್ರತಿಬಿಂಬಿಸುತ್ತದೆ.

3'ರ-3'ರ ವ'ರ್ತ'ಲ್ಲಿ ಎಂಎಸ್‌ಎಂಇಗಳನ್ನು ಸಬಲೀಕರಣಗೊಳಿಸುವಲ್ಲಿ ಜಸ್ಟ್‌ಡಯಲ್ ನಿರ್ಣಾಯಕ ಪಾತ್ರವನ್ನು ವಹಿಸುತ್ತದೆ. ಸೇವೆಗಳ ಶ್ರೇಣಿಯನ್ನು ನೀಡುವ ಮೂಲಕ, ಜಸ್ಟ್‌ಡಯಲ್ ಈ ವ್ಯವಹಾರಗಳಿಗೆ ಸವಾಲುಗಳನ್ನು ಜಯಿಸಲು ಸಹಾಯ ಮಾಡುತ್ತದೆ, ಇದು ಗಮನಾರ್ಹ
